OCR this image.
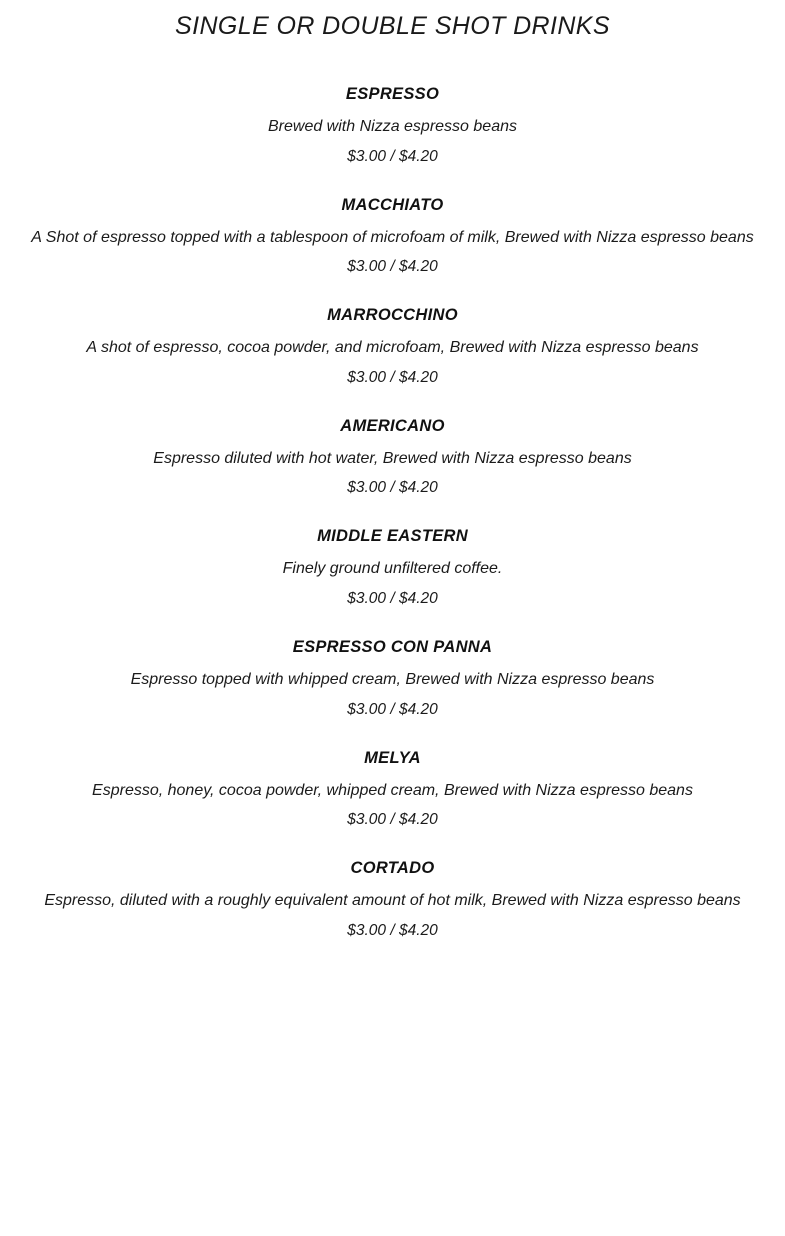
SINGLE OR DOUBLE SHOT DRINKS
ESPRESSO
Brewed with Nizza espresso beans
$3.00 / $4.20
MACCHIATO
A Shot of espresso topped with a tablespoon of microfoam of milk, Brewed with Nizza espresso beans
$3.00 / $4.20
MARROCCHINO
A shot of espresso, cocoa powder, and microfoam, Brewed with Nizza espresso beans
$3.00 / $4.20
AMERICANO
Espresso diluted with hot water, Brewed with Nizza espresso beans
$3.00 / $4.20
MIDDLE EASTERN
Finely ground unfiltered coffee.
$3.00 / $4.20
ESPRESSO CON PANNA
Espresso topped with whipped cream, Brewed with Nizza espresso beans
$3.00 / $4.20
MELYA
Espresso, honey, cocoa powder, whipped cream, Brewed with Nizza espresso beans
$3.00 / $4.20
CORTADO
Espresso, diluted with a roughly equivalent amount of hot milk, Brewed with Nizza espresso beans
$3.00 / $4.20
